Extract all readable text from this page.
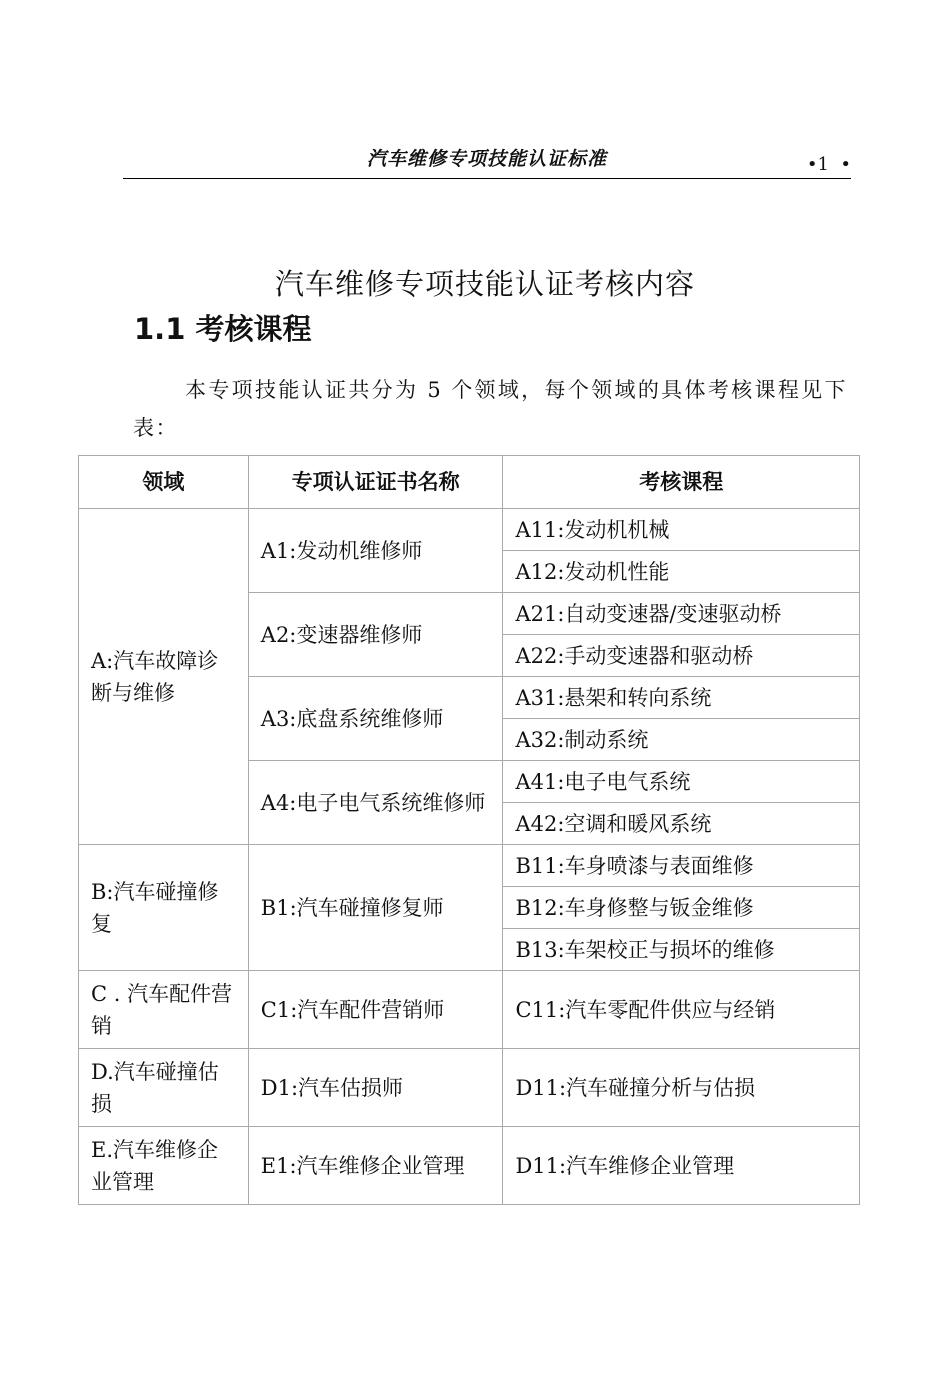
汽车维修专项技能认证标准	•1  •
汽车维修专项技能认证考核内容
1.1 考核课程

本专项技能认证共分为 5 个领域，每个领域的具体考核课程见下表：

领域	专项认证证书名称	考核课程
A:汽车故障诊断与维修	A1:发动机维修师	A11:发动机机械
		A12:发动机性能
	A2:变速器维修师	A21:自动变速器/变速驱动桥
		A22:手动变速器和驱动桥
	A3:底盘系统维修师	A31:悬架和转向系统
		A32:制动系统
	A4:电子电气系统维修师	A41:电子电气系统
		A42:空调和暖风系统
B:汽车碰撞修复	B1:汽车碰撞修复师	B11:车身喷漆与表面维修
		B12:车身修整与钣金维修
		B13:车架校正与损坏的维修
C . 汽车配件营销	C1:汽车配件营销师	C11:汽车零配件供应与经销
D.汽车碰撞估损	D1:汽车估损师	D11:汽车碰撞分析与估损
E.汽车维修企业管理	E1:汽车维修企业管理	D11:汽车维修企业管理
